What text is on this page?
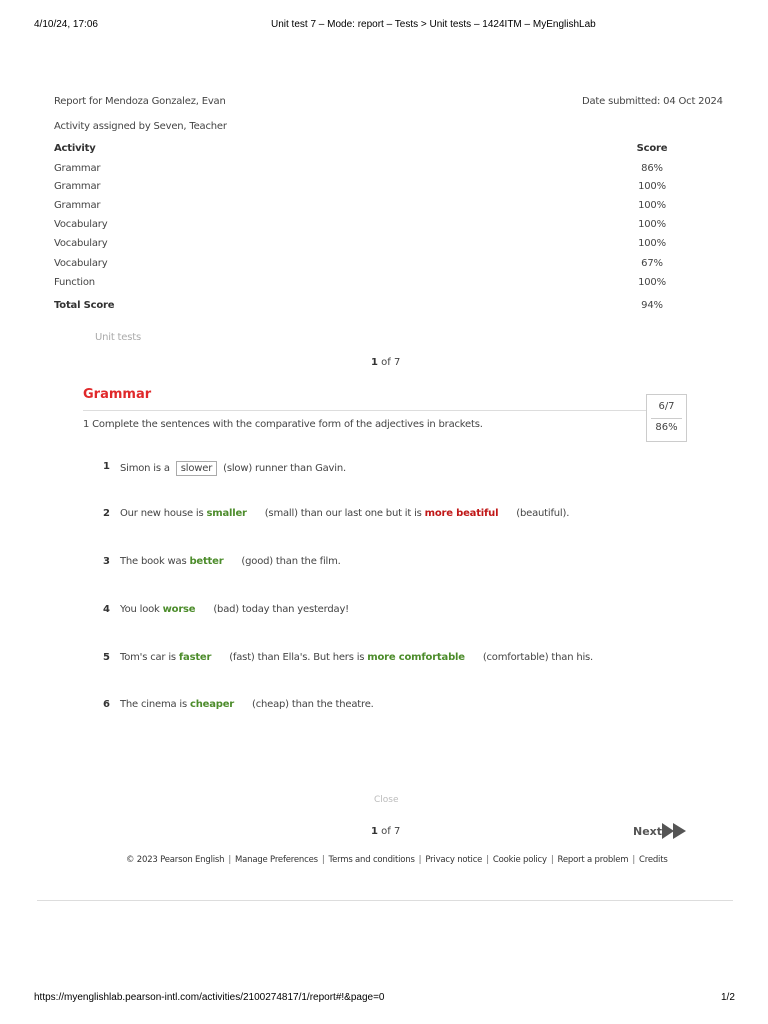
4/10/24, 17:06	Unit test 7 – Mode: report – Tests > Unit tests – 1424ITM – MyEnglishLab
Report for Mendoza Gonzalez, Evan	Date submitted: 04 Oct 2024
Activity assigned by Seven, Teacher
Activity	Score
Grammar	86%
Grammar	100%
Grammar	100%
Vocabulary	100%
Vocabulary	100%
Vocabulary	67%
Function	100%
Total Score	94%
Unit tests
1 of 7
Grammar
6/7
86%
1 Complete the sentences with the comparative form of the adjectives in brackets.
1 Simon is a slower (slow) runner than Gavin.
2 Our new house is smaller (small) than our last one but it is more beatiful (beautiful).
3 The book was better (good) than the film.
4 You look worse (bad) today than yesterday!
5 Tom's car is faster (fast) than Ella's. But hers is more comfortable (comfortable) than his.
6 The cinema is cheaper (cheap) than the theatre.
Close
1 of 7	Next
© 2023 Pearson English | Manage Preferences | Terms and conditions | Privacy notice | Cookie policy | Report a problem | Credits
https://myenglishlab.pearson-intl.com/activities/2100274817/1/report#!&page=0	1/2
